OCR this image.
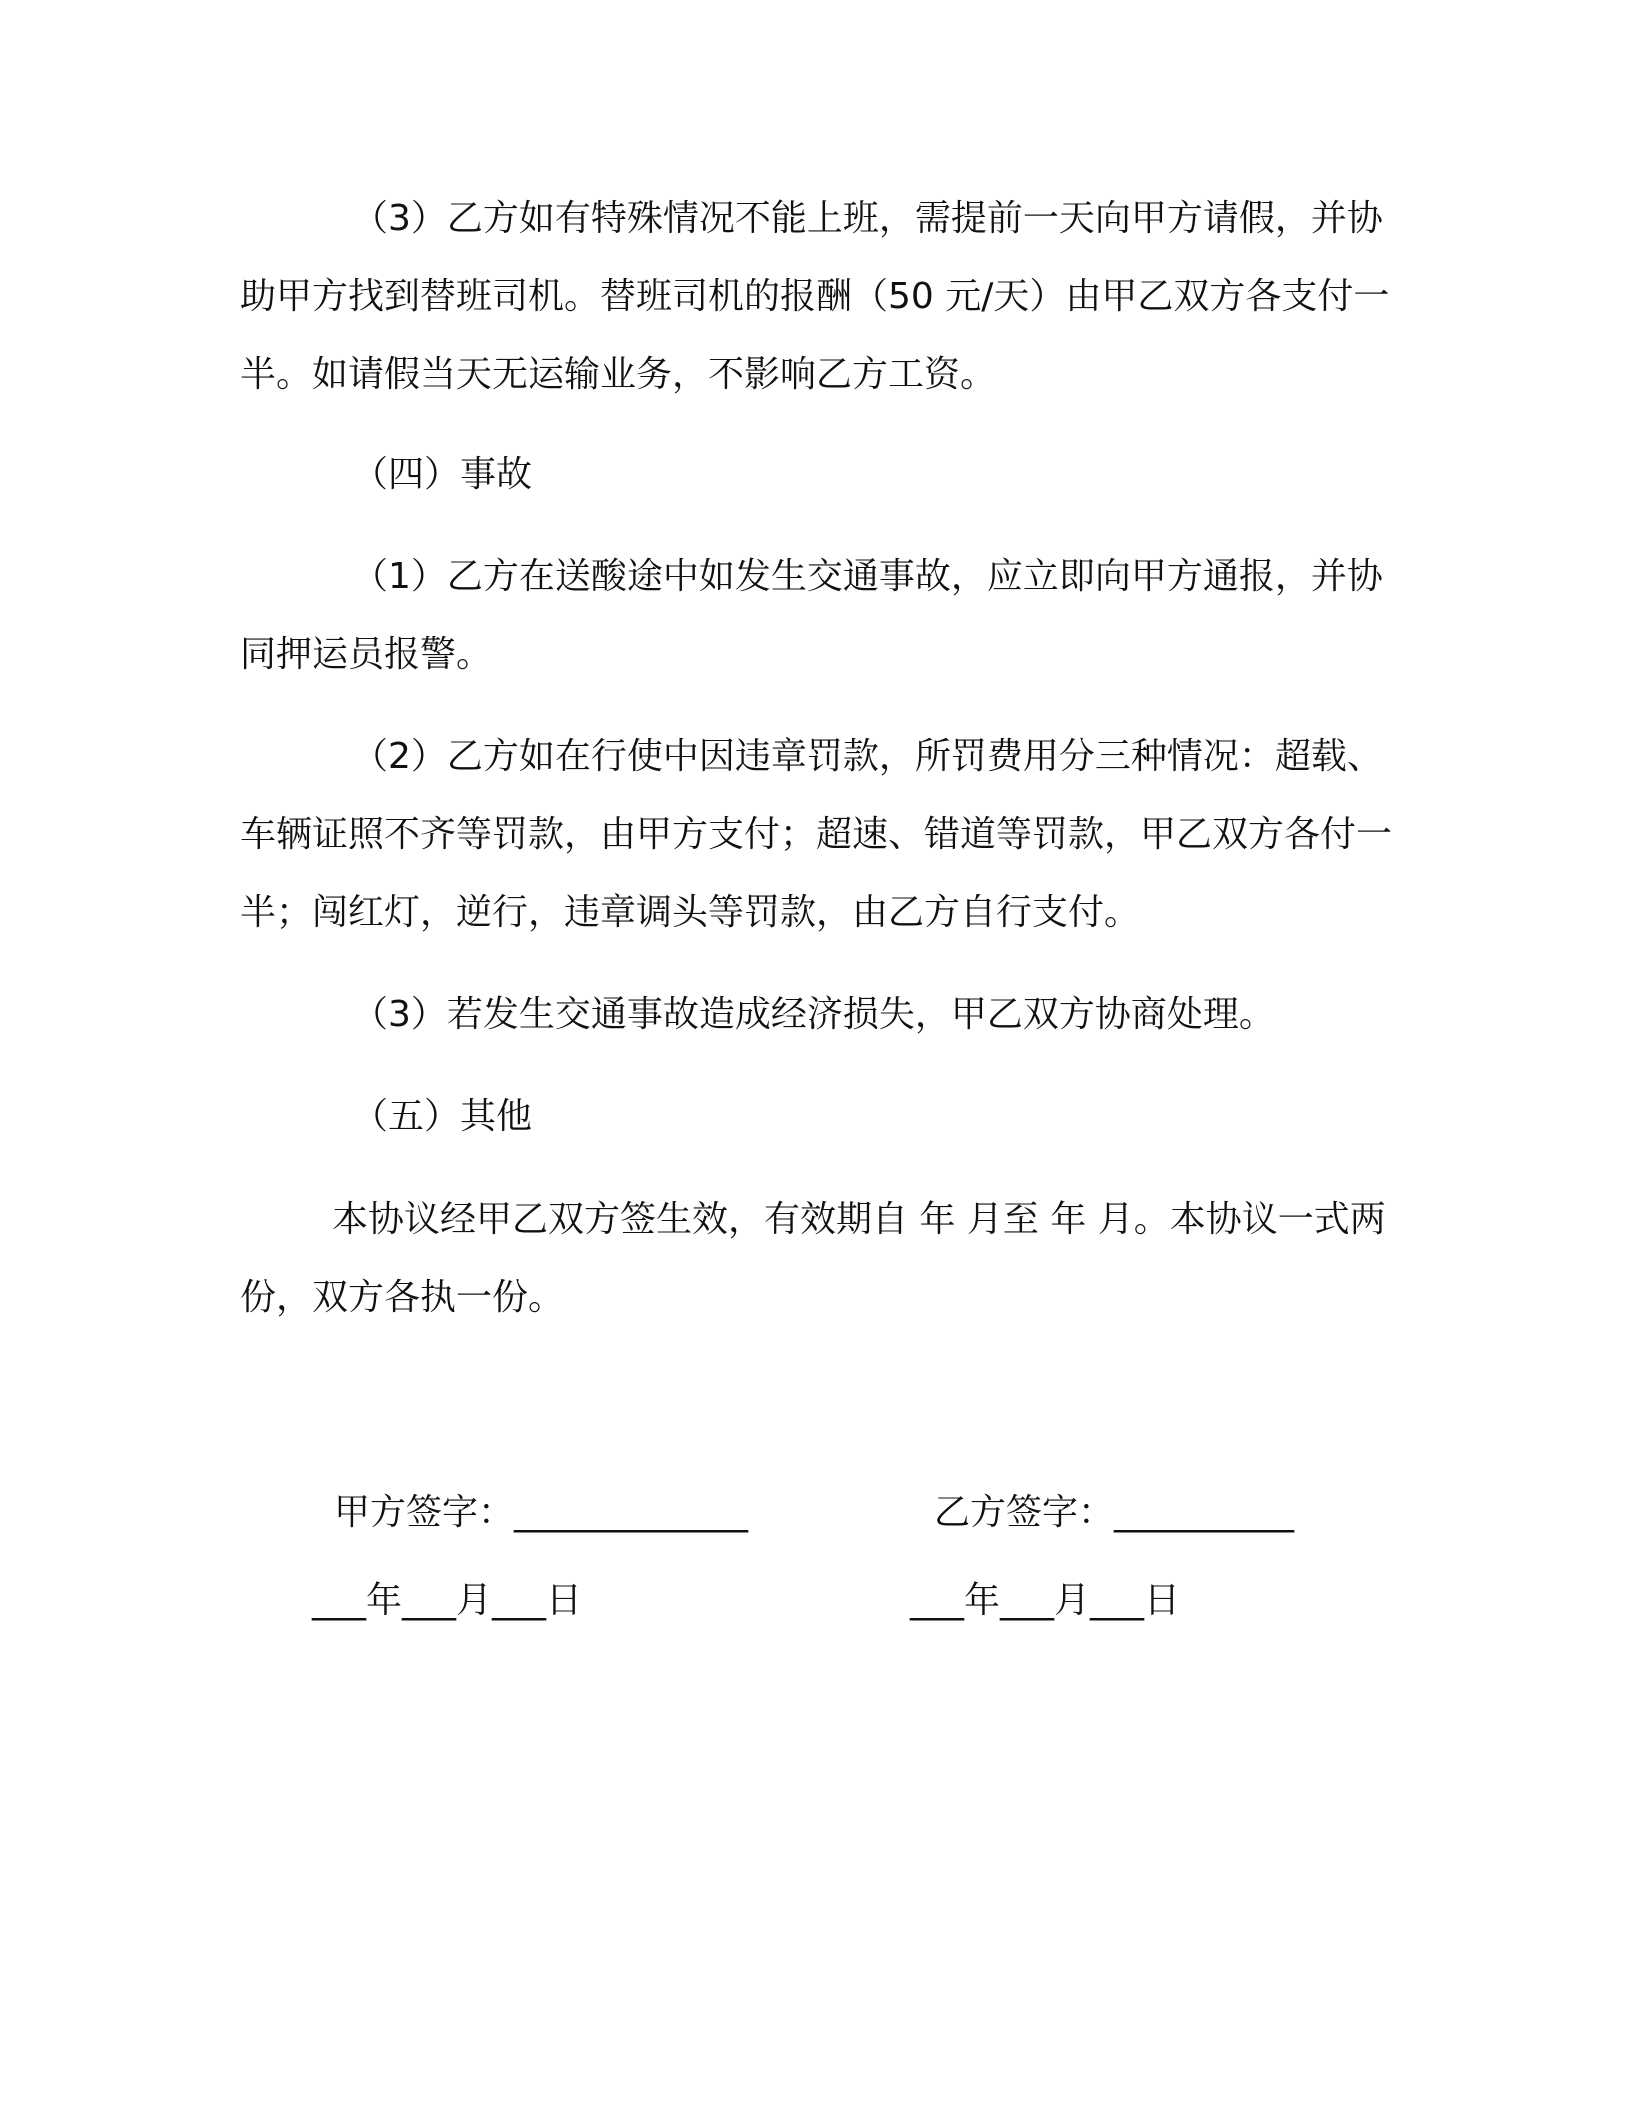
（3）乙方如有特殊情况不能上班，需提前一天向甲方请假，并协助甲方找到替班司机。替班司机的报酬（50 元/天）由甲乙双方各支付一半。如请假当天无运输业务，不影响乙方工资。

（四）事故

（1）乙方在送酸途中如发生交通事故，应立即向甲方通报，并协同押运员报警。

（2）乙方如在行使中因违章罚款，所罚费用分三种情况：超载、车辆证照不齐等罚款，由甲方支付；超速、错道等罚款，甲乙双方各付一半；闯红灯，逆行，违章调头等罚款，由乙方自行支付。

（3）若发生交通事故造成经济损失，甲乙双方协商处理。

（五）其他

本协议经甲乙双方签生效，有效期自 年 月至 年 月。本协议一式两份，双方各执一份。

甲方签字：_____________	乙方签字：__________
___年___月___日	___年___月___日
